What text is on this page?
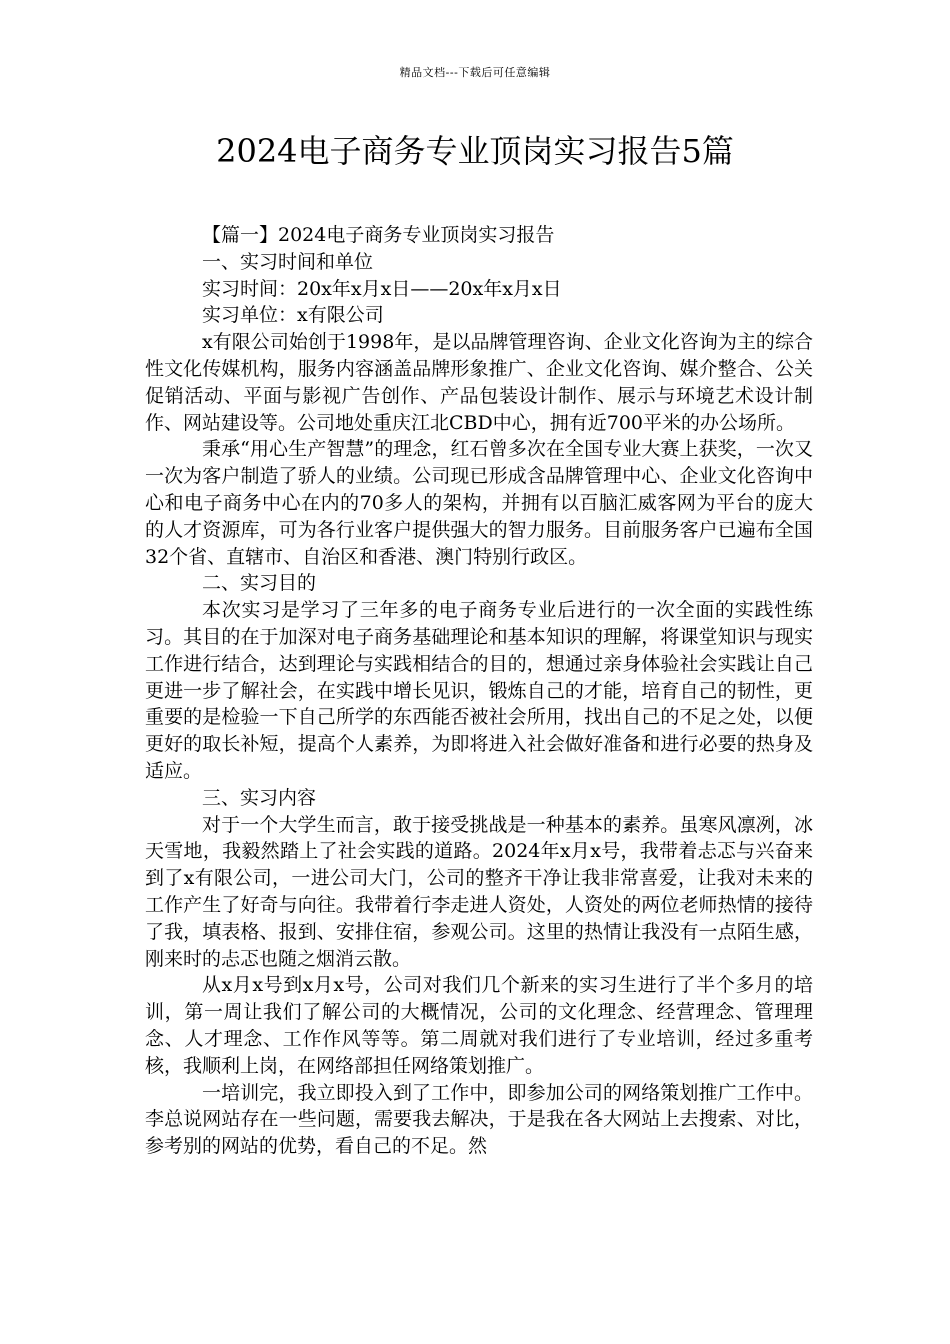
精品文档---下载后可任意编辑
2024电子商务专业顶岗实习报告5篇

【篇一】2024电子商务专业顶岗实习报告

一、实习时间和单位

实习时间：20x年x月x日——20x年x月x日

实习单位：x有限公司

x有限公司始创于1998年，是以品牌管理咨询、企业文化咨询为主的综合性文化传媒机构，服务内容涵盖品牌形象推广、企业文化咨询、媒介整合、公关促销活动、平面与影视广告创作、产品包装设计制作、展示与环境艺术设计制作、网站建设等。公司地处重庆江北CBD中心，拥有近700平米的办公场所。

秉承“用心生产智慧”的理念，红石曾多次在全国专业大赛上获奖，一次又一次为客户制造了骄人的业绩。公司现已形成含品牌管理中心、企业文化咨询中心和电子商务中心在内的70多人的架构，并拥有以百脑汇威客网为平台的庞大的人才资源库，可为各行业客户提供强大的智力服务。目前服务客户已遍布全国32个省、直辖市、自治区和香港、澳门特别行政区。

二、实习目的

本次实习是学习了三年多的电子商务专业后进行的一次全面的实践性练习。其目的在于加深对电子商务基础理论和基本知识的理解，将课堂知识与现实工作进行结合，达到理论与实践相结合的目的，想通过亲身体验社会实践让自己更进一步了解社会，在实践中增长见识，锻炼自己的才能，培育自己的韧性，更重要的是检验一下自己所学的东西能否被社会所用，找出自己的不足之处，以便更好的取长补短，提高个人素养，为即将进入社会做好准备和进行必要的热身及适应。

三、实习内容

对于一个大学生而言，敢于接受挑战是一种基本的素养。虽寒风凛冽，冰天雪地，我毅然踏上了社会实践的道路。2024年x月x号，我带着忐忑与兴奋来到了x有限公司，一进公司大门，公司的整齐干净让我非常喜爱，让我对未来的工作产生了好奇与向往。我带着行李走进人资处，人资处的两位老师热情的接待了我，填表格、报到、安排住宿，参观公司。这里的热情让我没有一点陌生感，刚来时的忐忑也随之烟消云散。

从x月x号到x月x号，公司对我们几个新来的实习生进行了半个多月的培训，第一周让我们了解公司的大概情况，公司的文化理念、经营理念、管理理念、人才理念、工作作风等等。第二周就对我们进行了专业培训，经过多重考核，我顺利上岗，在网络部担任网络策划推广。

一培训完，我立即投入到了工作中，即参加公司的网络策划推广工作中。李总说网站存在一些问题，需要我去解决，于是我在各大网站上去搜索、对比，参考别的网站的优势，看自己的不足。然
